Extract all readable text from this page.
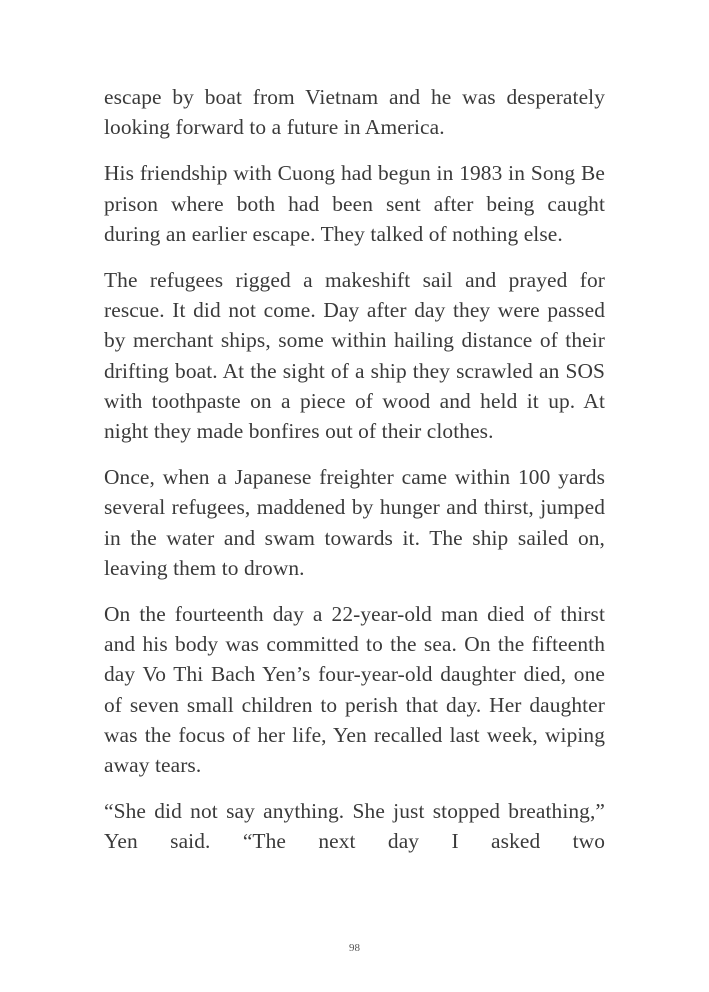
escape by boat from Vietnam and he was desperately looking forward to a future in America.

His friendship with Cuong had begun in 1983 in Song Be prison where both had been sent after being caught during an earlier escape. They talked of nothing else.

The refugees rigged a makeshift sail and prayed for rescue. It did not come. Day after day they were passed by merchant ships, some within hailing distance of their drifting boat. At the sight of a ship they scrawled an SOS with toothpaste on a piece of wood and held it up. At night they made bonfires out of their clothes.

Once, when a Japanese freighter came within 100 yards several refugees, maddened by hunger and thirst, jumped in the water and swam towards it. The ship sailed on, leaving them to drown.

On the fourteenth day a 22-year-old man died of thirst and his body was committed to the sea. On the fifteenth day Vo Thi Bach Yen’s four-year-old daughter died, one of seven small children to perish that day. Her daughter was the focus of her life, Yen recalled last week, wiping away tears.

“She did not say anything. She just stopped breathing,” Yen said. “The next day I asked two

98
